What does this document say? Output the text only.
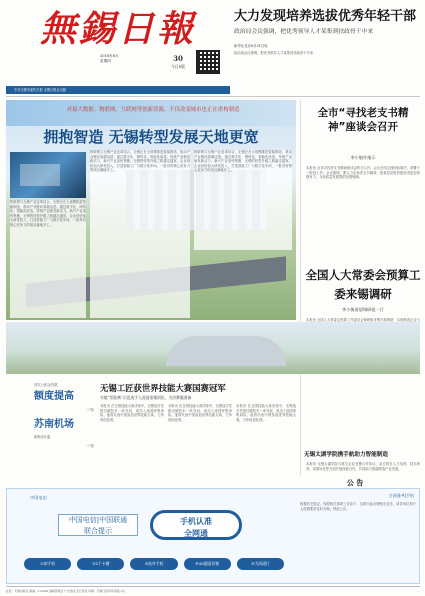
無錫日報
2018年8月
星期四	30
今日8版
大力发现培养选拔优秀年轻干部
政治局会议强调，把优秀领导人才某集到扶政骨干中来
新华社北京8月31日电
政治局会议强调，把优秀领导人才某集到扶政骨干中来
中共无锡市委机关报 无锡日报社出版
对接大数据、物联网、互联网等创新资源，不仅改变城市也正在重构制造
拥抱智造 无锡转型发展天地更宽
物联网与无锡产业变革结合，无锡正在大规模推进智能制造，推动产业链向高端迈进。通过数字化、网络化、智能化改造，传统产业焕发新活力，新兴产业加快集聚，无锡的转型升级之路越走越宽。企业纷纷加大研发投入，打造智能工厂与数字化车间，一批具有核心竞争力的项目落地开工。
物联网与无锡产业变革结合，无锡正在大规模推进智能制造，推动产业链向高端迈进。通过数字化、网络化、智能化改造，传统产业焕发新活力，新兴产业加快集聚，无锡的转型升级之路越走越宽。企业纷纷加大研发投入，打造智能工厂与数字化车间，一批具有核心竞争力的项目落地开工。
物联网与无锡产业变革结合，无锡正在大规模推进智能制造，推动产业链向高端迈进。通过数字化、网络化、智能化改造，传统产业焕发新活力，新兴产业加快集聚，无锡的转型升级之路越走越宽。企业纷纷加大研发投入，打造智能工厂与数字化车间，一批具有核心竞争力的项目落地开工。
全市“寻找老支书精神”座谈会召开
李小敏作指示
本报讯 全市寻找老支书精神座谈会昨日召开，会议总结交流经验做法，部署下一阶段工作。会议强调，要大力弘扬老支书精神，把基层党组织建设得更加坚强有力，为高质量发展提供坚强保障。
全国人大常委会预算工委来锡调研
李小敏看望调研组一行
本报讯 全国人大常委会预算工作委员会调研组来锡开展调研，实地察看企业与
无锡太湖学院携手航助力智能制造
本报讯 无锡太湖学院与航空企业签署合作协议，双方将在人才培养、技术研发、成果转化等方面开展深度合作，共同助力智能制造产业发展。
首次公积金贷款
额度提高
→7版
苏南机场
新航线开通
→7版
无锡工匠获世界技能大赛国赛冠军
实境“零距离”示范选手入选国家集训队，为决赛做准备
本报讯 在全国技能大赛决赛中，无锡选手凭借过硬技术一举夺冠，成功入选国家集训队。他将代表中国参加世界技能大赛，力争再创佳绩。
本报讯 在全国技能大赛决赛中，无锡选手凭借过硬技术一举夺冠，成功入选国家集训队。他将代表中国参加世界技能大赛，力争再创佳绩。
本报讯 在全国技能大赛决赛中，无锡选手凭借过硬技术一举夺冠，成功入选国家集训队。他将代表中国参加世界技能大赛，力争再创佳绩。
中国电信
中国电信|中国联通
联合提示
手机认准
全网通
①初手机	②2个卡槽	③选对手机	④4G随意切换	⑤大网通行
全网通·A|手机
公 告
根据有关规定，现将相关事项公告如下：自即日起办理相关业务，请各单位和个人按照要求及时办理。特此公告。
社址：无锡市新区 邮编：214000 编辑部电话 广告热线 发行热线 印刷：无锡日报印务有限公司
